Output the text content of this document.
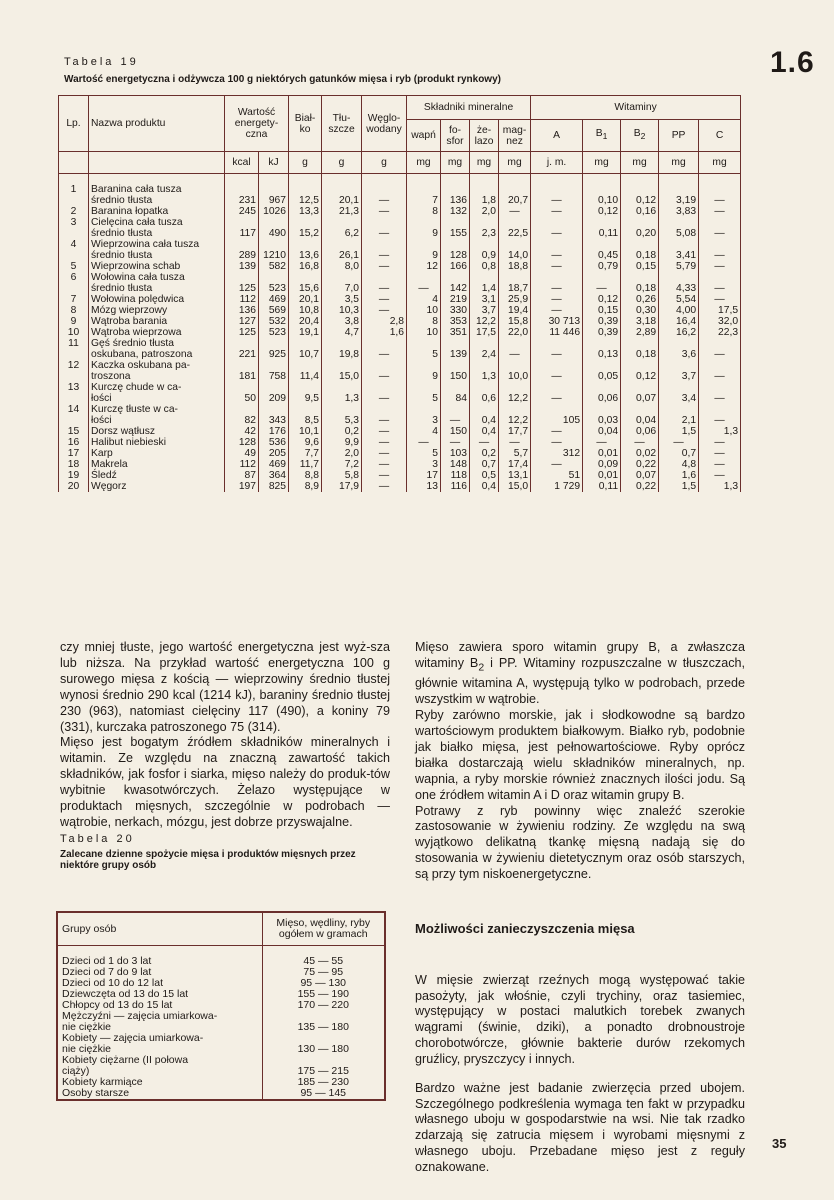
1.6
Tabela 19
Wartość energetyczna i odżywcza 100 g niektórych gatunków mięsa i ryb (produkt rynkowy)
Lp.	Nazwa produktu	Wartość
energety-
czna		Biał-
ko	Tłu-
szcze	Węglo-
wodany	Składniki mineralne				Witaminy				
							wapń	fo-
sfor	że-
lazo	mag-
nez	A	$B_1$	$B_2$	PP	C
		kcal	kJ	g	g	g	mg	mg	mg	mg	j. m.	mg	mg	mg	mg

1	Baranina cała tusza
średnio tłusta	231	967	12,5	20,1	—	7	136	1,8	20,7	—	0,10	0,12	3,19	—
2	Baranina łopatka	245	1026	13,3	21,3	—	8	132	2,0	—	—	0,12	0,16	3,83	—
3	Cielęcina cała tusza
średnio tłusta	117	490	15,2	6,2	—	9	155	2,3	22,5	—	0,11	0,20	5,08	—
4	Wieprzowina cała tusza
średnio tłusta	289	1210	13,6	26,1	—	9	128	0,9	14,0	—	0,45	0,18	3,41	—
5	Wieprzowina schab	139	582	16,8	8,0	—	12	166	0,8	18,8	—	0,79	0,15	5,79	—
6	Wołowina cała tusza
średnio tłusta	125	523	15,6	7,0	—	—	142	1,4	18,7	—	—	0,18	4,33	—
7	Wołowina polędwica	112	469	20,1	3,5	—	4	219	3,1	25,9	—	0,12	0,26	5,54	—
8	Mózg wieprzowy	136	569	10,8	10,3	—	10	330	3,7	19,4	—	0,15	0,30	4,00	17,5
9	Wątroba barania	127	532	20,4	3,8	2,8	8	353	12,2	15,8	30 713	0,39	3,18	16,4	32,0
10	Wątroba wieprzowa	125	523	19,1	4,7	1,6	10	351	17,5	22,0	11 446	0,39	2,89	16,2	22,3
11	Gęś średnio tłusta
oskubana, patroszona	221	925	10,7	19,8	—	5	139	2,4	—	—	0,13	0,18	3,6	—
12	Kaczka oskubana pa-
troszona	181	758	11,4	15,0	—	9	150	1,3	10,0	—	0,05	0,12	3,7	—
13	Kurczę chude w ca-
łości	50	209	9,5	1,3	—	5	84	0,6	12,2	—	0,06	0,07	3,4	—
14	Kurczę tłuste w ca-
łości	82	343	8,5	5,3	—	3	—	0,4	12,2	105	0,03	0,04	2,1	—
15	Dorsz wątłusz	42	176	10,1	0,2	—	4	150	0,4	17,7	—	0,04	0,06	1,5	1,3
16	Halibut niebieski	128	536	9,6	9,9	—	—	—	—	—	—	—	—	—	—
17	Karp	49	205	7,7	2,0	—	5	103	0,2	5,7	312	0,01	0,02	0,7	—
18	Makrela	112	469	11,7	7,2	—	3	148	0,7	17,4	—	0,09	0,22	4,8	—
19	Śledź	87	364	8,8	5,8	—	17	118	0,5	13,1	51	0,01	0,07	1,6	—
20	Węgorz	197	825	8,9	17,9	—	13	116	0,4	15,0	1 729	0,11	0,22	1,5	1,3

czy mniej tłuste, jego wartość energetyczna jest wyż-sza lub niższa. Na przykład wartość energetyczna 100 g surowego mięsa z kością — wieprzowiny średnio tłustej wynosi średnio 290 kcal (1214 kJ), baraniny średnio tłustej 230 (963), natomiast cielęciny 117 (490), a koniny 79 (331), kurczaka patroszonego 75 (314).

Mięso jest bogatym źródłem składników mineralnych i witamin. Ze względu na znaczną zawartość takich składników, jak fosfor i siarka, mięso należy do produk-tów wybitnie kwasotwórczych. Żelazo występujące w produktach mięsnych, szczególnie w podrobach — wątrobie, nerkach, mózgu, jest dobrze przyswajalne.

Tabela 20
Zalecane dzienne spożycie mięsa i produktów mięsnych przez niektóre grupy osób
Grupy osób	Mięso, wędliny, ryby
ogółem w gramach

Dzieci od 1 do 3 lat	45 — 55

Dzieci od 7 do 9 lat	75 — 95

Dzieci od 10 do 12 lat	95 — 130

Dziewczęta od 13 do 15 lat	155 — 190

Chłopcy od 13 do 15 lat	170 — 220

Mężczyźni — zajęcia umiarkowa-
nie ciężkie	135 — 180

Kobiety — zajęcia umiarkowa-
nie ciężkie	130 — 180

Kobiety ciężarne (II połowa
ciąży)	175 — 215

Kobiety karmiące	185 — 230

Osoby starsze	95 — 145

Mięso zawiera sporo witamin grupy B, a zwłaszcza witaminy $B_2$ i PP. Witaminy rozpuszczalne w tłuszczach, głównie witamina A, występują tylko w podrobach, przede wszystkim w wątrobie.

Ryby zarówno morskie, jak i słodkowodne są bardzo wartościowym produktem białkowym. Białko ryb, podobnie jak białko mięsa, jest pełnowartościowe. Ryby oprócz białka dostarczają wielu składników mineralnych, np. wapnia, a ryby morskie również znacznych ilości jodu. Są one źródłem witamin A i D oraz witamin grupy B.

Potrawy z ryb powinny więc znaleźć szerokie zastosowanie w żywieniu rodziny. Ze względu na swą wyjątkowo delikatną tkankę mięsną nadają się do stosowania w żywieniu dietetycznym oraz osób starszych, są przy tym niskoenergetyczne.

Możliwości zanieczyszczenia mięsa

W mięsie zwierząt rzeźnych mogą występować takie pasożyty, jak włośnie, czyli trychiny, oraz tasiemiec, występujący w postaci malutkich torebek zwanych wągrami (świnie, dziki), a ponadto drobnoustroje chorobotwórcze, głównie bakterie durów rzekomych gruźlicy, pryszczycy i innych.

Bardzo ważne jest badanie zwierzęcia przed ubojem. Szczególnego podkreślenia wymaga ten fakt w przypadku własnego uboju w gospodarstwie na wsi. Nie tak rzadko zdarzają się zatrucia mięsem i wyrobami mięsnymi z własnego uboju. Przebadane mięso jest z reguły oznakowane.

35
